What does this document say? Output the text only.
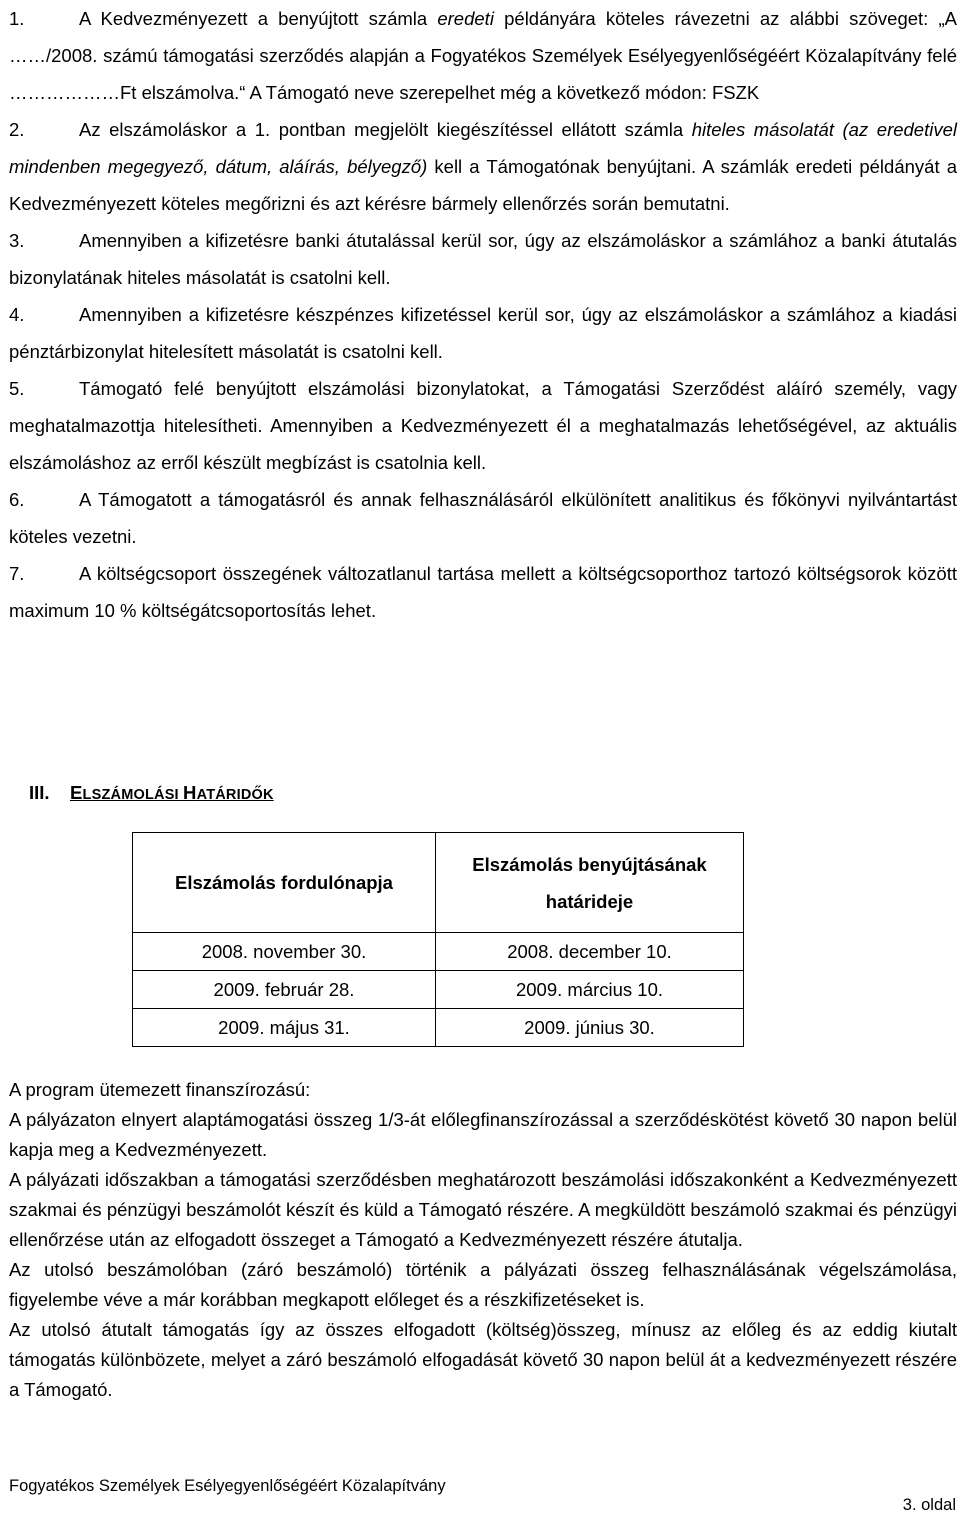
1.	A Kedvezményezett a benyújtott számla eredeti példányára köteles rávezetni az alábbi szöveget: „A ……/2008. számú támogatási szerződés alapján a Fogyatékos Személyek Esélyegyenlőségéért Közalapítvány felé ………………Ft elszámolva.“ A Támogató neve szerepelhet még a következő módon: FSZK

2.	Az elszámoláskor a 1. pontban megjelölt kiegészítéssel ellátott számla hiteles másolatát (az eredetivel mindenben megegyező, dátum, aláírás, bélyegző) kell a Támogatónak benyújtani. A számlák eredeti példányát a Kedvezményezett köteles megőrizni és azt kérésre bármely ellenőrzés során bemutatni.

3.	Amennyiben a kifizetésre banki átutalással kerül sor, úgy az elszámoláskor a számlához a banki átutalás bizonylatának hiteles másolatát is csatolni kell.

4.	Amennyiben a kifizetésre készpénzes kifizetéssel kerül sor, úgy az elszámoláskor a számlához a kiadási pénztárbizonylat hitelesített másolatát is csatolni kell.

5.	Támogató felé benyújtott elszámolási bizonylatokat, a Támogatási Szerződést aláíró személy, vagy meghatalmazottja hitelesítheti. Amennyiben a Kedvezményezett él a meghatalmazás lehetőségével, az aktuális elszámoláshoz az erről készült megbízást is csatolnia kell.

6.	A Támogatott a támogatásról és annak felhasználásáról elkülönített analitikus és főkönyvi nyilvántartást köteles vezetni.

7.	A költségcsoport összegének változatlanul tartása mellett a költségcsoporthoz tartozó költségsorok között maximum 10 % költségátcsoportosítás lehet.

III. ELSZÁMOLÁSI HATÁRIDŐK
Elszámolás fordulónapja	Elszámolás benyújtásának határideje
2008. november 30.	2008. december 10.
2009. február 28.	2009. március 10.
2009. május 31.	2009. június 30.

A program ütemezett finanszírozású:

A pályázaton elnyert alaptámogatási összeg 1/3-át előlegfinanszírozással a szerződéskötést követő 30 napon belül kapja meg a Kedvezményezett.

A pályázati időszakban a támogatási szerződésben meghatározott beszámolási időszakonként a Kedvezményezett szakmai és pénzügyi beszámolót készít és küld a Támogató részére. A megküldött beszámoló szakmai és pénzügyi ellenőrzése után az elfogadott összeget a Támogató a Kedvezményezett részére átutalja.

Az utolsó beszámolóban (záró beszámoló) történik a pályázati összeg felhasználásának végelszámolása, figyelembe véve a már korábban megkapott előleget és a részkifizetéseket is.

Az utolsó átutalt támogatás így az összes elfogadott (költség)összeg, mínusz az előleg és az eddig kiutalt támogatás különbözete, melyet a záró beszámoló elfogadását követő 30 napon belül át a kedvezményezett részére a Támogató.

Fogyatékos Személyek Esélyegyenlőségéért Közalapítvány
3. oldal
